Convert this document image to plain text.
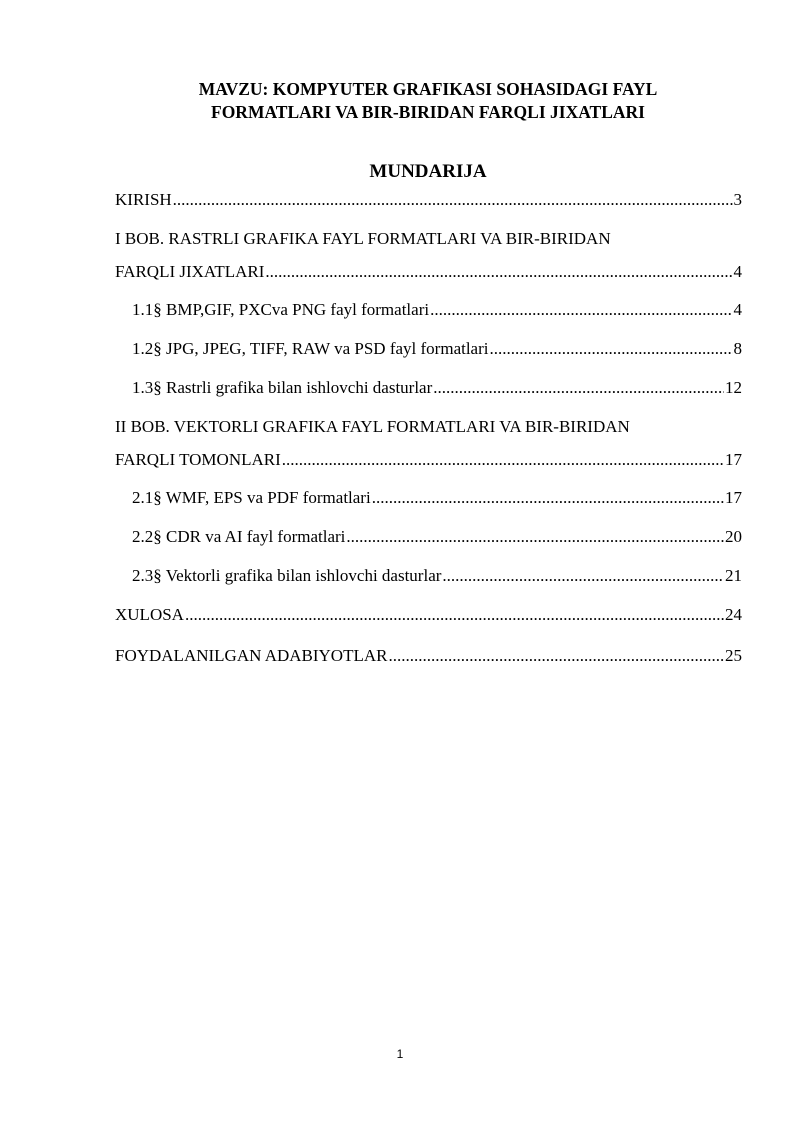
MAVZU: KOMPYUTER GRAFIKASI SOHASIDAGI FAYL
FORMATLARI VA BIR-BIRIDAN FARQLI JIXATLARI
MUNDARIJA
KIRISH .....	3
I BOB. RASTRLI GRAFIKA FAYL FORMATLARI VA BIR-BIRIDAN
FARQLI JIXATLARI .....	4
1.1§ BMP,GIF, PXCva PNG fayl formatlari .....	4
1.2§ JPG, JPEG, TIFF, RAW va PSD fayl formatlari .....	8
1.3§ Rastrli grafika bilan ishlovchi dasturlar .....	12
II BOB. VEKTORLI GRAFIKA FAYL FORMATLARI VA BIR-BIRIDAN
FARQLI TOMONLARI .....	17
2.1§ WMF, EPS va PDF formatlari .....	17
2.2§ CDR va AI fayl formatlari .....	20
2.3§ Vektorli grafika bilan ishlovchi dasturlar .....	21
XULOSA .....	24
FOYDALANILGAN ADABIYOTLAR .....	25
1
